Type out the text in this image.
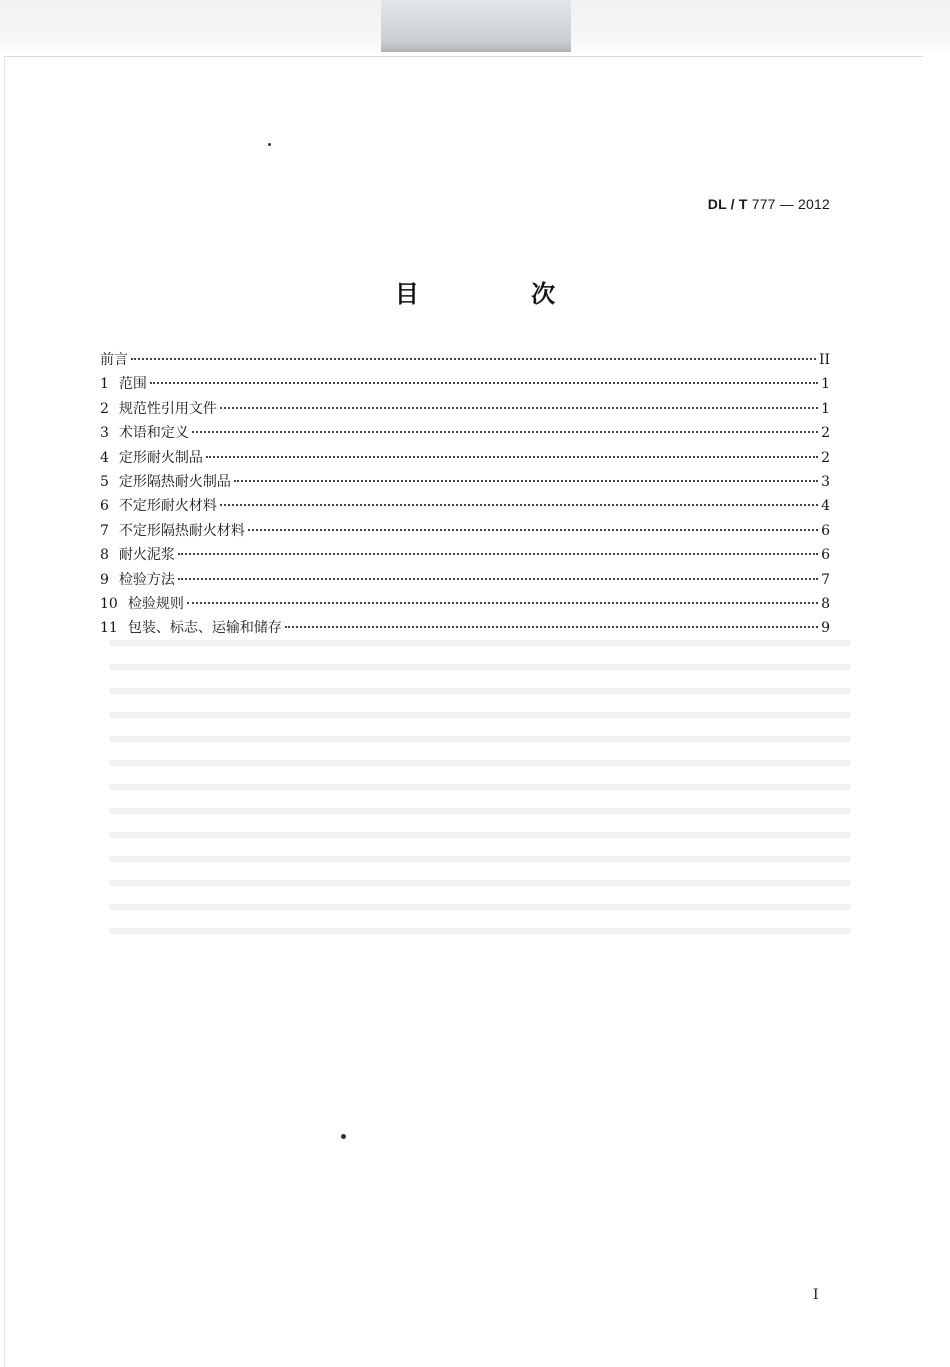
DL / T 777 — 2012
目 次
前言	II
1 范围	1
2 规范性引用文件	1
3 术语和定义	2
4 定形耐火制品	2
5 定形隔热耐火制品	3
6 不定形耐火材料	4
7 不定形隔热耐火材料	6
8 耐火泥浆	6
9 检验方法	7
10 检验规则	8
11 包装、标志、运输和储存	9
I
